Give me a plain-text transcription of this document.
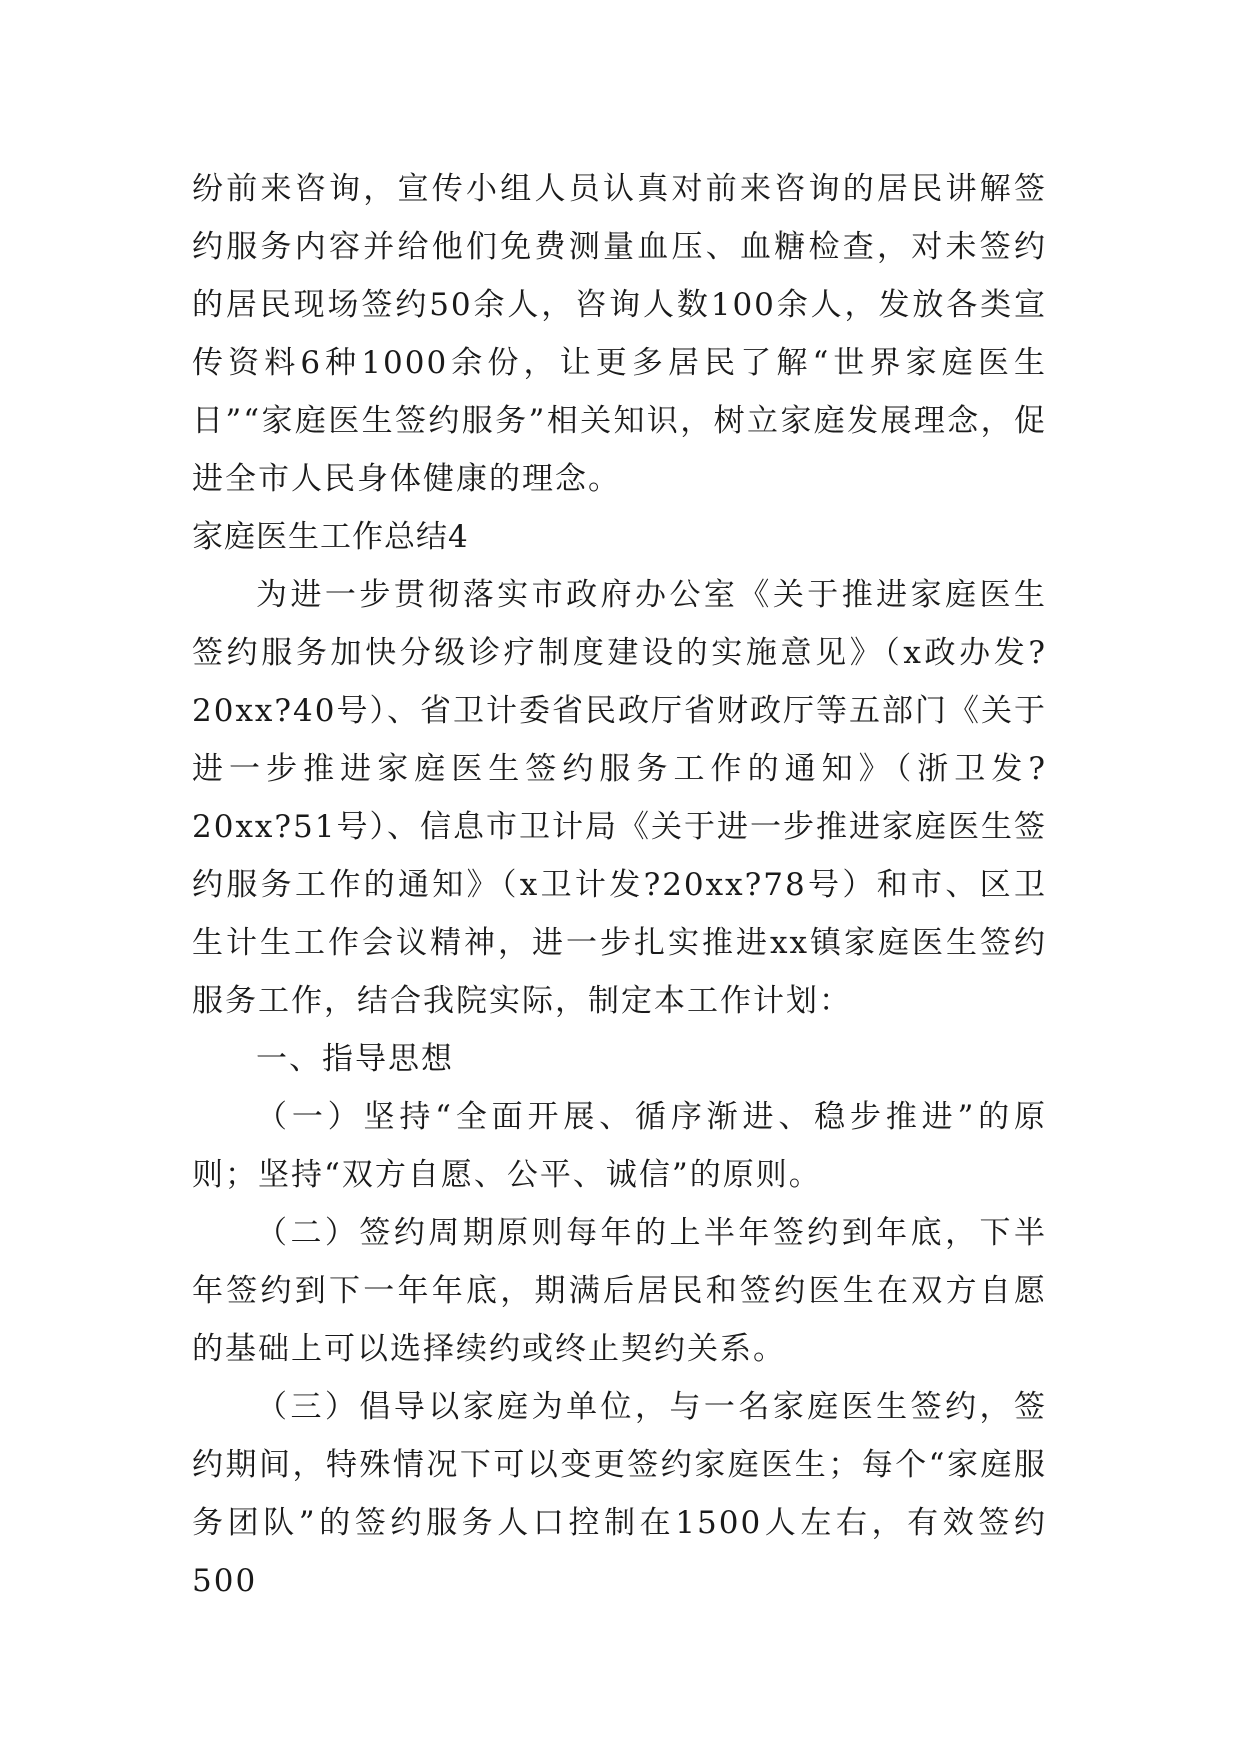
纷前来咨询，宣传小组人员认真对前来咨询的居民讲解签约服务内容并给他们免费测量血压、血糖检查，对未签约的居民现场签约50余人，咨询人数100余人，发放各类宣传资料6种1000余份，让更多居民了解“世界家庭医生日”“家庭医生签约服务”相关知识，树立家庭发展理念，促进全市人民身体健康的理念。

家庭医生工作总结4

为进一步贯彻落实市政府办公室《关于推进家庭医生签约服务加快分级诊疗制度建设的实施意见》（x政办发?20xx?40号）、省卫计委省民政厅省财政厅等五部门《关于进一步推进家庭医生签约服务工作的通知》（浙卫发?20xx?51号）、信息市卫计局《关于进一步推进家庭医生签约服务工作的通知》（x卫计发?20xx?78号）和市、区卫生计生工作会议精神，进一步扎实推进xx镇家庭医生签约服务工作，结合我院实际，制定本工作计划：

一、指导思想

（一）坚持“全面开展、循序渐进、稳步推进”的原则；坚持“双方自愿、公平、诚信”的原则。

（二）签约周期原则每年的上半年签约到年底，下半年签约到下一年年底，期满后居民和签约医生在双方自愿的基础上可以选择续约或终止契约关系。

（三）倡导以家庭为单位，与一名家庭医生签约，签约期间，特殊情况下可以变更签约家庭医生；每个“家庭服务团队”的签约服务人口控制在1500人左右，有效签约500
